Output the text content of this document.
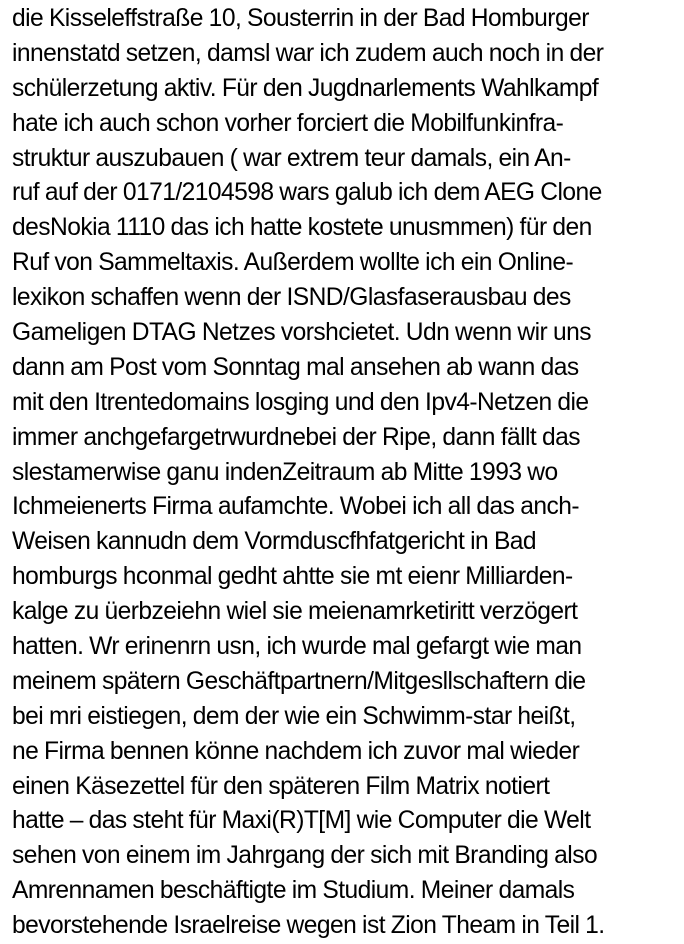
die Kisseleffstraße 10, Sousterrin in der Bad Homburger
innenstatd setzen, damsl war ich zudem auch noch in der
schülerzetung aktiv. Für den Jugdnarlements Wahlkampf
hate ich auch schon vorher forciert die Mobilfunkinfra-
struktur auszubauen ( war extrem teur damals, ein An-
ruf auf der 0171/2104598 wars galub ich dem AEG Clone
desNokia 1110 das ich hatte kostete unusmmen) für den
Ruf von Sammeltaxis. Außerdem wollte ich ein Online-
lexikon schaffen wenn der ISND/Glasfaserausbau des
Gameligen DTAG Netzes vorshcietet. Udn wenn wir uns
dann am Post vom Sonntag mal ansehen ab wann das
mit den Itrentedomains losging und den Ipv4-Netzen die
immer anchgefargetrwurdnebei der Ripe, dann fällt das
slestamerwise ganu indenZeitraum ab Mitte 1993 wo
Ichmeienerts Firma aufamchte. Wobei ich all das anch-
Weisen kannudn dem Vormduscfhfatgericht in Bad
homburgs hconmal gedht ahtte sie mt eienr Milliarden-
kalge zu üerbzeiehn wiel sie meienamrketiritt verzögert
hatten. Wr erinenrn usn, ich wurde mal gefargt wie man
meinem spätern Geschäftpartnern/Mitgesllschaftern die
bei mri eistiegen, dem der wie ein Schwimm-star heißt,
ne Firma bennen könne nachdem ich zuvor mal wieder
einen Käsezettel für den späteren Film Matrix notiert
hatte – das steht für Maxi(R)T[M] wie Computer die Welt
sehen von einem im Jahrgang der sich mit Branding also
Amrennamen beschäftigte im Studium. Meiner damals
bevorstehende Israelreise wegen ist Zion Theam in Teil 1.
